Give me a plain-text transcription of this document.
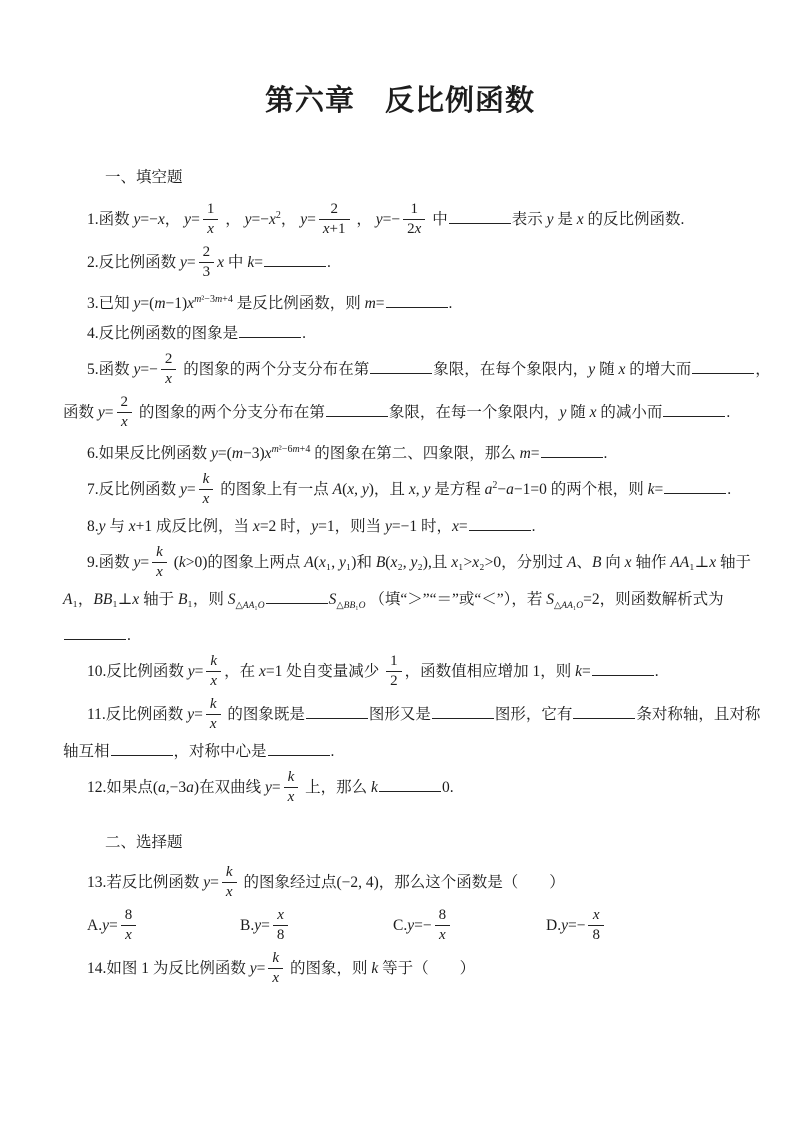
第六章　反比例函数

一、填空题

1.函数 y=−x， $y= \frac{1}{x}$ ， $y=-x^2$， $y= \frac{2}{x+1}$ ， $y=- \frac{1}{2x}$ 中	表示 y 是 x 的反比例函数.

2.反比例函数 $y= \frac{2}{3}$ x 中 k=	.

3.已知 $y=(m-1)x^{m^2-3m+4}$ 是反比例函数，则 m=	.

4.反比例函数的图象是	.

5.函数 $y=- \frac{2}{x}$ 的图象的两个分支分布在第	象限，在每个象限内，y 随 x 的增大而	，

函数 $y= \frac{2}{x}$ 的图象的两个分支分布在第	象限，在每一个象限内，y 随 x 的减小而	.

6.如果反比例函数 $y=(m-3)x^{m^2-6m+4}$ 的图象在第二、四象限，那么 m=	.

7.反比例函数 $y= \frac{k}{x}$ 的图象上有一点 A(x, y)，且 x, y 是方程 $a^2-a-1=0$ 的两个根，则 k=	.

8.y 与 x+1 成反比例，当 x=2 时，y=1，则当 y=−1 时，x=	.

9.函数 $y= \frac{k}{x} (k>0)$的图象上两点 A(x₁, y₁)和 B(x₂, y₂),且 x₁>x₂>0，分别过 A、B 向 x 轴作 AA₁⊥x 轴于

A₁，BB₁⊥x 轴于 B₁，则 $S_{\triangle AA_1O}$	$S_{\triangle BB_1O}$ （填“＞”“＝”或“＜”），若 $S_{\triangle AA_1O}=2$，则函数解析式为

.

10.反比例函数 $y= \frac{k}{x}$ ，在 x=1 处自变量减少 $\frac{1}{2}$ ，函数值相应增加 1，则 k=	.

11.反比例函数 $y= \frac{k}{x}$ 的图象既是	图形又是	图形，它有	条对称轴，且对称

轴互相	，对称中心是	.

12.如果点(a,−3a)在双曲线 $y= \frac{k}{x}$ 上，那么 k	0.

二、选择题

13.若反比例函数 $y= \frac{k}{x}$ 的图象经过点(−2, 4)，那么这个函数是（　　）

$A.y= \frac{8}{x}$	$B.y= \frac{x}{8}$	$C.y=- \frac{8}{x}$	$D.y=- \frac{x}{8}$

14.如图 1 为反比例函数 $y= \frac{k}{x}$ 的图象，则 k 等于（　　）
